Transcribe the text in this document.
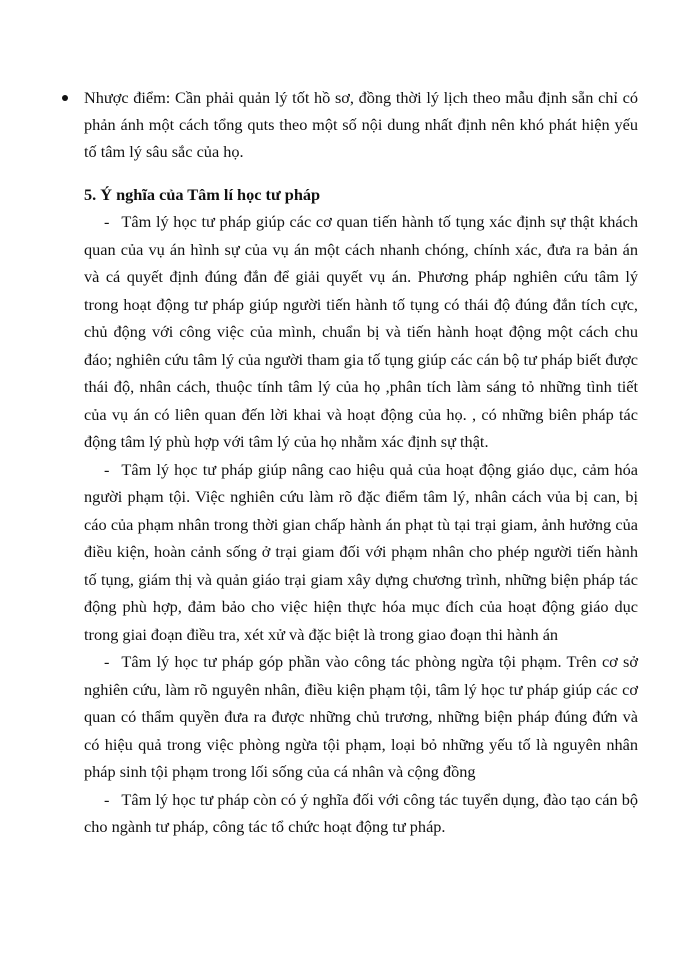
Nhược điểm: Cần phải quản lý tốt hồ sơ, đồng thời lý lịch theo mẫu định sẵn chỉ có phản ánh một cách tổng quts theo một số nội dung nhất định nên khó phát hiện yếu tố tâm lý sâu sắc của họ.

5. Ý nghĩa của Tâm lí học tư pháp

- Tâm lý học tư pháp giúp các cơ quan tiến hành tố tụng xác định sự thật khách quan của vụ án hình sự của vụ án một cách nhanh chóng, chính xác, đưa ra bản án và cá quyết định đúng đắn để giải quyết vụ án. Phương pháp nghiên cứu tâm lý trong hoạt động tư pháp giúp người tiến hành tố tụng có thái độ đúng đắn tích cực, chủ động với công việc của mình, chuẩn bị và tiến hành hoạt động một cách chu đáo; nghiên cứu tâm lý của người tham gia tố tụng giúp các cán bộ tư pháp biết được thái độ, nhân cách, thuộc tính tâm lý của họ ,phân tích làm sáng tỏ những tình tiết của vụ án có liên quan đến lời khai và hoạt động của họ. , có những biên pháp tác động tâm lý phù hợp với tâm lý của họ nhằm xác định sự thật.

- Tâm lý học tư pháp giúp nâng cao hiệu quả của hoạt động giáo dục, cảm hóa người phạm tội. Việc nghiên cứu làm rõ đặc điểm tâm lý, nhân cách vủa bị can, bị cáo của phạm nhân trong thời gian chấp hành án phạt tù tại trại giam, ảnh hưởng của điều kiện, hoàn cảnh sống ở trại giam đối với phạm nhân cho phép người tiến hành tố tụng, giám thị và quản giáo trại giam xây dựng chương trình, những biện pháp tác động phù hợp, đảm bảo cho việc hiện thực hóa mục đích của hoạt động giáo dục trong giai đoạn điều tra, xét xử và đặc biệt là trong giao đoạn thi hành án

- Tâm lý học tư pháp góp phần vào công tác phòng ngừa tội phạm. Trên cơ sở nghiên cứu, làm rõ nguyên nhân, điều kiện phạm tội, tâm lý học tư pháp giúp các cơ quan có thẩm quyền đưa ra được những chủ trương, những biện pháp đúng đứn và có hiệu quả trong việc phòng ngừa tội phạm, loại bỏ những yếu tố là nguyên nhân pháp sinh tội phạm trong lối sống của cá nhân và cộng đồng

- Tâm lý học tư pháp còn có ý nghĩa đối với công tác tuyển dụng, đào tạo cán bộ cho ngành tư pháp, công tác tổ chức hoạt động tư pháp.
